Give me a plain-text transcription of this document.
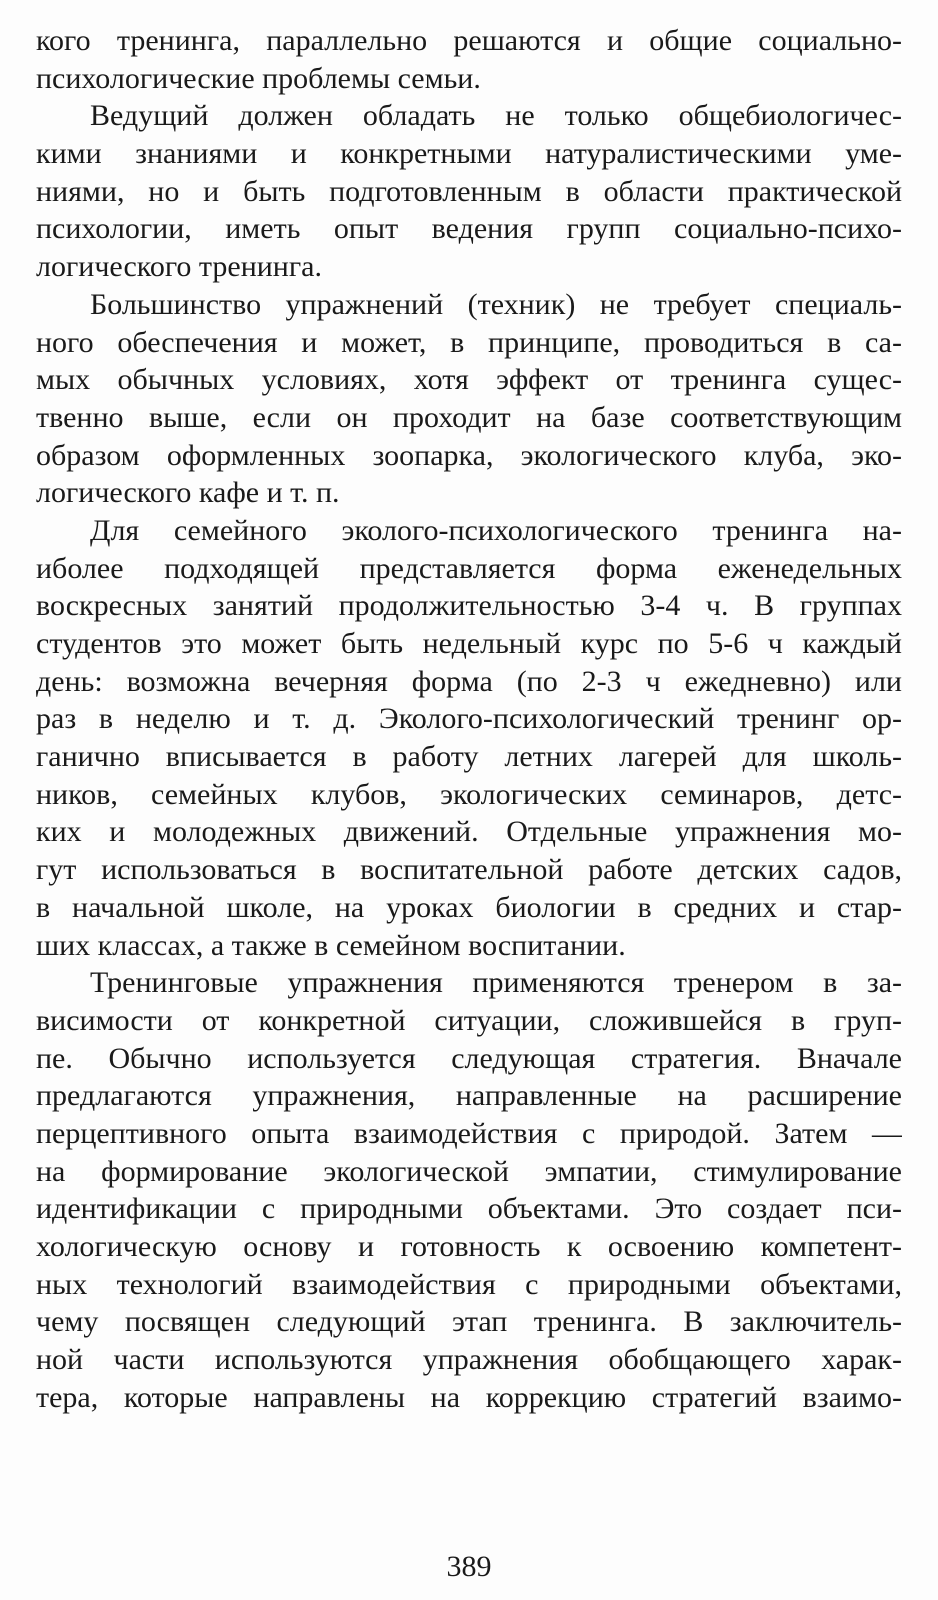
кого тренинга, параллельно решаются и общие социально-
психологические проблемы семьи.
Ведущий должен обладать не только общебиологичес-
кими знаниями и конкретными натуралистическими уме-
ниями, но и быть подготовленным в области практической
психологии, иметь опыт ведения групп социально-психо-
логического тренинга.
Большинство упражнений (техник) не требует специаль-
ного обеспечения и может, в принципе, проводиться в са-
мых обычных условиях, хотя эффект от тренинга сущес-
твенно выше, если он проходит на базе соответствующим
образом оформленных зоопарка, экологического клуба, эко-
логического кафе и т. п.
Для семейного эколого-психологического тренинга на-
иболее подходящей представляется форма еженедельных
воскресных занятий продолжительностью 3-4 ч. В группах
студентов это может быть недельный курс по 5-6 ч каждый
день: возможна вечерняя форма (по 2-3 ч ежедневно) или
раз в неделю и т. д. Эколого-психологический тренинг ор-
ганично вписывается в работу летних лагерей для школь-
ников, семейных клубов, экологических семинаров, детс-
ких и молодежных движений. Отдельные упражнения мо-
гут использоваться в воспитательной работе детских садов,
в начальной школе, на уроках биологии в средних и стар-
ших классах, а также в семейном воспитании.
Тренинговые упражнения применяются тренером в за-
висимости от конкретной ситуации, сложившейся в груп-
пе. Обычно используется следующая стратегия. Вначале
предлагаются упражнения, направленные на расширение
перцептивного опыта взаимодействия с природой. Затем —
на формирование экологической эмпатии, стимулирование
идентификации с природными объектами. Это создает пси-
хологическую основу и готовность к освоению компетент-
ных технологий взаимодействия с природными объектами,
чему посвящен следующий этап тренинга. В заключитель-
ной части используются упражнения обобщающего харак-
тера, которые направлены на коррекцию стратегий взаимо-
389
